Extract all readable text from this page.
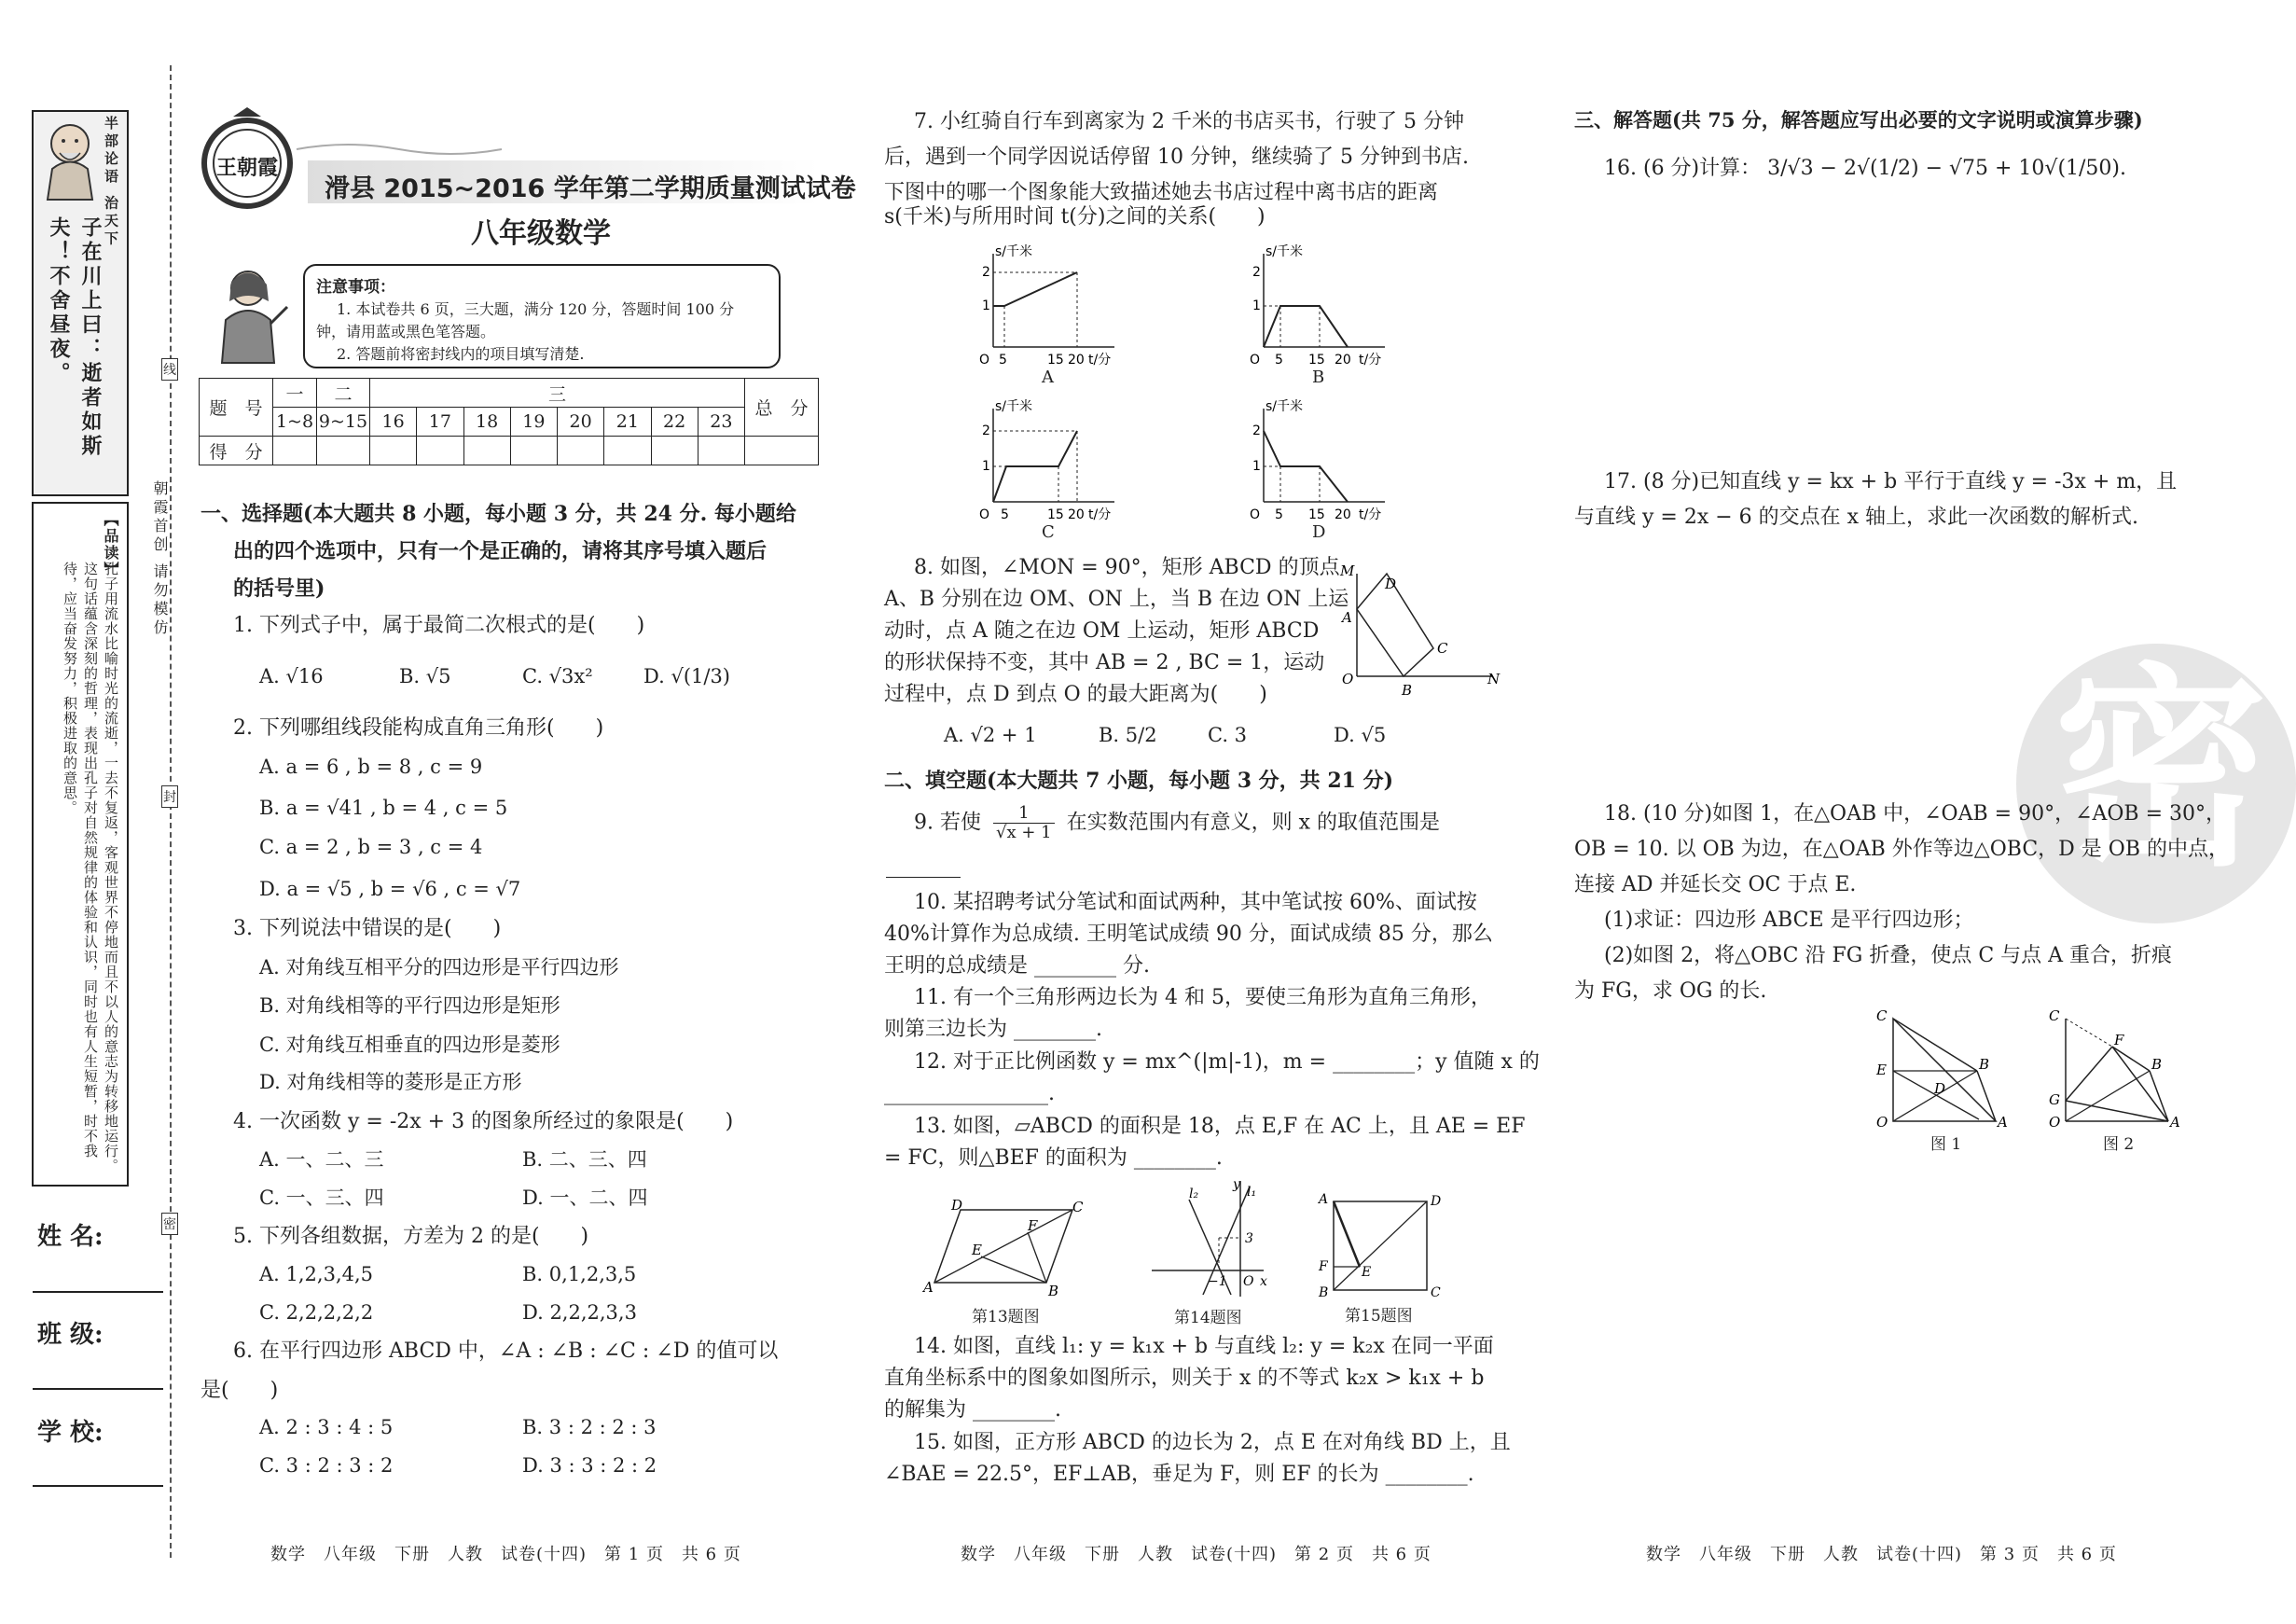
半部论语 治天下
子在川上曰：逝者如斯夫！不舍昼夜。
【品读】
孔子用流水比喻时光的流逝，一去不复返，客观世界不停地而且不以人的意志为转移地运行。这句话蕴含深刻的哲理，表现出孔子对自然规律的体验和认识，同时也有人生短暂，时不我待，应当奋发努力，积极进取的意思。
朝霞首创 请勿模仿
线
封
密
姓 名:
班 级:
学 校:
王朝霞
滑县 2015~2016 学年第二学期质量测试试卷
八年级数学
注意事项：
1. 本试卷共 6 页，三大题，满分 120 分，答题时间 100 分
钟，请用蓝或黑色笔答题。
2. 答题前将密封线内的项目填写清楚.
题　号	一	二	三								总　分
	1~8	9~15	16	17	18	19	20	21	22	23	
得　分											
一、选择题(本大题共 8 小题，每小题 3 分，共 24 分. 每小题给
出的四个选项中，只有一个是正确的，请将其序号填入题后
的括号里)
1. 下列式子中，属于最简二次根式的是(　　)
A. √16	B. √5	C. √3x²	D. √(1/3)
2. 下列哪组线段能构成直角三角形(　　)
A. a = 6 , b = 8 , c = 9
B. a = √41 , b = 4 , c = 5
C. a = 2 , b = 3 , c = 4
D. a = √5 , b = √6 , c = √7
3. 下列说法中错误的是(　　)
A. 对角线互相平分的四边形是平行四边形
B. 对角线相等的平行四边形是矩形
C. 对角线互相垂直的四边形是菱形
D. 对角线相等的菱形是正方形
4. 一次函数 y = -2x + 3 的图象所经过的象限是(　　)
A. 一、二、三	B. 二、三、四
C. 一、三、四	D. 一、二、四
5. 下列各组数据，方差为 2 的是(　　)
A. 1,2,3,4,5	B. 0,1,2,3,5
C. 2,2,2,2,2	D. 2,2,2,3,3
6. 在平行四边形 ABCD 中，∠A : ∠B : ∠C : ∠D 的值可以
是(　　)
A. 2 : 3 : 4 : 5	B. 3 : 2 : 2 : 3
C. 3 : 2 : 3 : 2	D. 3 : 3 : 2 : 2
数学　八年级　下册　人教　试卷(十四)　第 1 页　共 6 页
7. 小红骑自行车到离家为 2 千米的书店买书，行驶了 5 分钟
后，遇到一个同学因说话停留 10 分钟，继续骑了 5 分钟到书店.
下图中的哪一个图象能大致描述她去书店过程中离书店的距离
s(千米)与所用时间 t(分)之间的关系(　　)
O 5	15 20
1
2
s/千米
t/分
A
O 5 15 20
1
2
s/千米
t/分
B
O 5	15 20
1
2
s/千米
t/分
C
O 5 15 20
1
2
s/千米
t/分
D
8. 如图，∠MON = 90°，矩形 ABCD 的顶点
A、B 分别在边 OM、ON 上，当 B 在边 ON 上运
动时，点 A 随之在边 OM 上运动，矩形 ABCD
的形状保持不变，其中 AB = 2 , BC = 1，运动
过程中，点 D 到点 O 的最大距离为(　　)
M
D
A
C
O
B
N
A. √2 + 1	B. 5/2	C. 3	D. √5
二、填空题(本大题共 7 小题，每小题 3 分，共 21 分)
9. 若使 $\frac{1}{√x + 1}$ 在实数范围内有意义，则 x 的取值范围是
10. 某招聘考试分笔试和面试两种，其中笔试按 60%、面试按
40%计算作为总成绩. 王明笔试成绩 90 分，面试成绩 85 分，那么
王明的总成绩是 ________ 分.
11. 有一个三角形两边长为 4 和 5，要使三角形为直角三角形，
则第三边长为 ________.
12. 对于正比例函数 y = mx^(|m|-1)，m = ________；y 值随 x 的
________________.
13. 如图，▱ABCD 的面积是 18，点 E,F 在 AC 上，且 AE = EF
= FC，则△BEF 的面积为 ________.
A
D	C
B
E
F
第13题图
y
l₂	l₁
3
−1 O x
第14题图
A	D
F	E
B	C
第15题图
14. 如图，直线 l₁: y = k₁x + b 与直线 l₂: y = k₂x 在同一平面
直角坐标系中的图象如图所示，则关于 x 的不等式 k₂x > k₁x + b
的解集为 ________.
15. 如图，正方形 ABCD 的边长为 2，点 E 在对角线 BD 上，且
∠BAE = 22.5°，EF⊥AB，垂足为 F，则 EF 的长为 ________.
数学　八年级　下册　人教　试卷(十四)　第 2 页　共 6 页
密
三、解答题(共 75 分，解答题应写出必要的文字说明或演算步骤)
16. (6 分)计算： 3/√3 − 2√(1/2) − √75 + 10√(1/50).
17. (8 分)已知直线 y = kx + b 平行于直线 y = -3x + m，且
与直线 y = 2x − 6 的交点在 x 轴上，求此一次函数的解析式.
18. (10 分)如图 1，在△OAB 中，∠OAB = 90°，∠AOB = 30°，
OB = 10. 以 OB 为边，在△OAB 外作等边△OBC，D 是 OB 的中点，
连接 AD 并延长交 OC 于点 E.
(1)求证：四边形 ABCE 是平行四边形；
(2)如图 2，将△OBC 沿 FG 折叠，使点 C 与点 A 重合，折痕
为 FG，求 OG 的长.
C
E	B
D
O	A
图 1
C
F
B
G
O	A
图 2
数学　八年级　下册　人教　试卷(十四)　第 3 页　共 6 页
